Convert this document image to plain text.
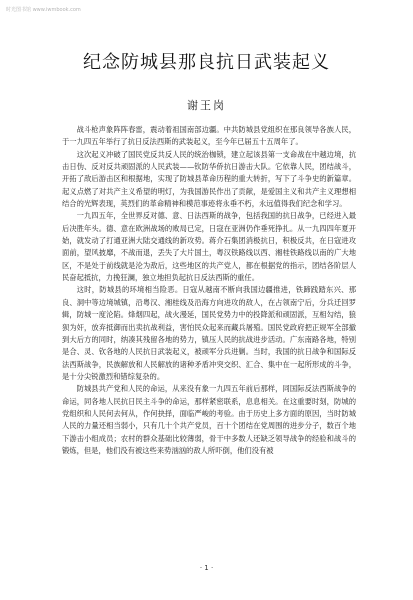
时光图书馆 www.iwmbook.com
纪念防城县那良抗日武装起义
谢王岗

战斗枪声象阵阵春雷，震动着祖国南部边疆。中共防城县党组织在那良领导各族人民，于一九四五年举行了抗日反法西斯的武装起义，至今年已届五十五周年了。

这次起义冲破了国民党反共反人民的统治枷锁，建立起该县第一支命战在中越边境，抗击日伪、反对反共顽固派的人民武装——钦防华侨抗日游击大队。它依靠人民，团结战斗，开拓了敌后游击区和根据地，实现了防城县革命历程的重大转折，写下了斗争史的新篇章。起义点燃了对共产主义希望的明灯，为我国游民作出了贡献，是爱国主义和共产主义理想相结合的光辉表现，英烈们的革命精神和模范事迹将永垂不朽，永远值得我们纪念和学习。

一九四五年，全世界反对德、意、日法西斯的战争，包括我国的抗日战争，已经进入最后决胜年头。德、意在欧洲战场的败局已定，日寇在亚洲仍作垂死挣扎。从一九四四年夏开始，就发动了打通亚洲大陆交通线的新攻势。蒋介石集团消极抗日，积极反共，在日寇进攻面前，望风披靡，不战而退，丢失了大片国土，粤汉铁路线以西、湘桂铁路线以南的广大地区，不是处于前线就是沦为敌后，这些地区的共产党人，都在根据党的指示，团结各阶层人民奋起抵抗，力挽狂澜，独立地担负起抗日反法西斯的重任。

这时，防城县的环境相当险恶。日寇从越南不断向我国边疆推进，铁蹄践踏东兴、那良、洞中等边境城镇，沿粤汉、湘桂线及沿海方向进攻的敌人，在占领南宁后，分兵迁回罗辑，防城一度沦陷。烽烟四起，战火漫延，国民党势力中的投降派和顽固派，互相勾结，狼狈为奸，放弃抵御而出卖抗战利益，害怕民众起来而藏兵屠殖。国民党政府把正规军全部撤到大后方的同时，纳凑其残留各地的势力，镇压人民的抗战进步活动。广东南路各地，特别是合、灵、钦各地的人民抗日武装起义，被顽军分兵进剿。当时，我国的抗日战争和国际反法西斯战争，民族解放和人民解放的诸种矛盾冲突交织、汇合、集中在一起所形成的斗争，是十分尖锐激烈和错综复杂的。

防城县共产党和人民的命运，从来没有象一九四五年前后那样，同国际反法西斯战争的命运，同各地人民抗日民主斗争的命运，那样紧密联系，息息相关。在这重要时刻，防城的党组织和人民何去何从，作何抉择，面临严峻的考验。由于历史上多方面的原因，当时防城人民的力量还相当弱小，只有几十个共产党员，百十个团结在党周围的进步分子，数百个地下游击小组成员；农村的群众基础比较薄弱，骨干中多数人还缺乏领导战争的经验和战斗的锻炼，但是，他们没有被这些来势汹汹的敌人所吓倒，他们没有被

· 1 ·
